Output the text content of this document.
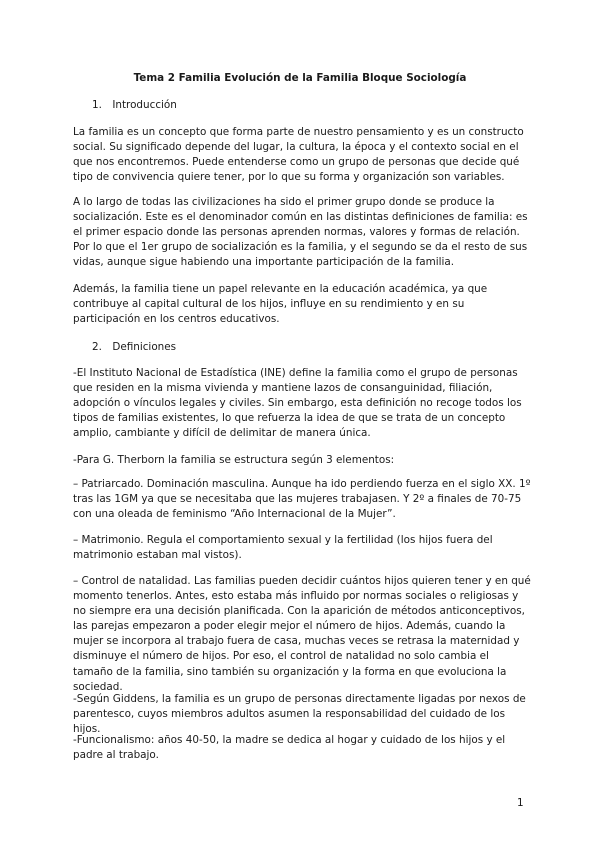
Tema 2 Familia Evolución de la Familia Bloque Sociología
1. Introducción
La familia es un concepto que forma parte de nuestro pensamiento y es un constructo social. Su significado depende del lugar, la cultura, la época y el contexto social en el que nos encontremos. Puede entenderse como un grupo de personas que decide qué tipo de convivencia quiere tener, por lo que su forma y organización son variables.
A lo largo de todas las civilizaciones ha sido el primer grupo donde se produce la socialización. Este es el denominador común en las distintas definiciones de familia: es el primer espacio donde las personas aprenden normas, valores y formas de relación. Por lo que el 1er grupo de socialización es la familia, y el segundo se da el resto de sus vidas, aunque sigue habiendo una importante participación de la familia.
Además, la familia tiene un papel relevante en la educación académica, ya que contribuye al capital cultural de los hijos, influye en su rendimiento y en su participación en los centros educativos.
2. Definiciones
-El Instituto Nacional de Estadística (INE) define la familia como el grupo de personas que residen en la misma vivienda y mantiene lazos de consanguinidad, filiación, adopción o vínculos legales y civiles. Sin embargo, esta definición no recoge todos los tipos de familias existentes, lo que refuerza la idea de que se trata de un concepto amplio, cambiante y difícil de delimitar de manera única.
-Para G. Therborn la familia se estructura según 3 elementos:
– Patriarcado. Dominación masculina. Aunque ha ido perdiendo fuerza en el siglo XX. 1º tras las 1GM ya que se necesitaba que las mujeres trabajasen. Y 2º a finales de 70-75 con una oleada de feminismo “Año Internacional de la Mujer”.
– Matrimonio. Regula el comportamiento sexual y la fertilidad (los hijos fuera del matrimonio estaban mal vistos).
– Control de natalidad. Las familias pueden decidir cuántos hijos quieren tener y en qué momento tenerlos. Antes, esto estaba más influido por normas sociales o religiosas y no siempre era una decisión planificada. Con la aparición de métodos anticonceptivos, las parejas empezaron a poder elegir mejor el número de hijos. Además, cuando la mujer se incorpora al trabajo fuera de casa, muchas veces se retrasa la maternidad y disminuye el número de hijos. Por eso, el control de natalidad no solo cambia el tamaño de la familia, sino también su organización y la forma en que evoluciona la sociedad.
-Según Giddens, la familia es un grupo de personas directamente ligadas por nexos de parentesco, cuyos miembros adultos asumen la responsabilidad del cuidado de los hijos.
-Funcionalismo: años 40-50, la madre se dedica al hogar y cuidado de los hijos y el padre al trabajo.
1
